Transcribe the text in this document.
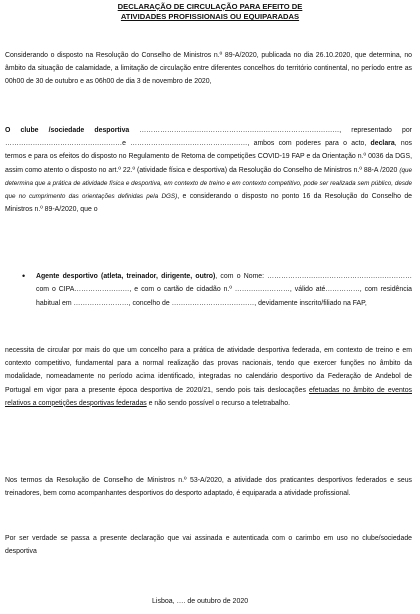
DECLARAÇÃO DE CIRCULAÇÃO PARA EFEITO DE
ATIVIDADES PROFISSIONAIS OU EQUIPARADAS

Considerando o disposto na Resolução do Conselho de Ministros n.º 89-A/2020, publicada no dia 26.10.2020, que determina, no âmbito da situação de calamidade, a limitação de circulação entre diferentes concelhos do território continental, no período entre as 00h00 de 30 de outubro e as 06h00 de dia 3 de novembro de 2020,

O clube /sociedade desportiva ……………………………………………………………………………, representado por ……………………………………………e ……………………………………………, ambos com poderes para o acto, declara, nos termos e para os efeitos do disposto no Regulamento de Retoma de competições COVID-19 FAP e da Orientação n.º 0036 da DGS, assim como atento o disposto no art.º 22.º (atividade física e desportiva) da Resolução do Conselho de Ministros n.º 88-A /2020 (que determina que a prática de atividade física e desportiva, em contexto de treino e em contexto competitivo, pode ser realizada sem público, desde que no cumprimento das orientações definidas pela DGS), e considerando o disposto no ponto 16 da Resolução do Conselho de Ministros n.º 89-A/2020, que o

• Agente desportivo (atleta, treinador, dirigente, outro), com o Nome: ……………………………………………………… com o CIPA……………………, e com o cartão de cidadão n.º ……………………, válido até……………, com residência habitual em ……………………, concelho de ………………………………, devidamente inscrito/filiado na FAP,

necessita de circular por mais do que um concelho para a prática de atividade desportiva federada, em contexto de treino e em contexto competitivo, fundamental para a normal realização das provas nacionais, tendo que exercer funções no âmbito da modalidade, nomeadamente no período acima identificado, integradas no calendário desportivo da Federação de Andebol de Portugal em vigor para a presente época desportiva de 2020/21, sendo pois tais deslocações efetuadas no âmbito de eventos relativos a competições desportivas federadas e não sendo possível o recurso a teletrabalho.

Nos termos da Resolução de Conselho de Ministros n.º 53-A/2020, a atividade dos praticantes desportivos federados e seus treinadores, bem como acompanhantes desportivos do desporto adaptado, é equiparada a atividade profissional.

Por ser verdade se passa a presente declaração que vai assinada e autenticada com o carimbo em uso no clube/sociedade desportiva

Lisboa, …. de outubro de 2020
